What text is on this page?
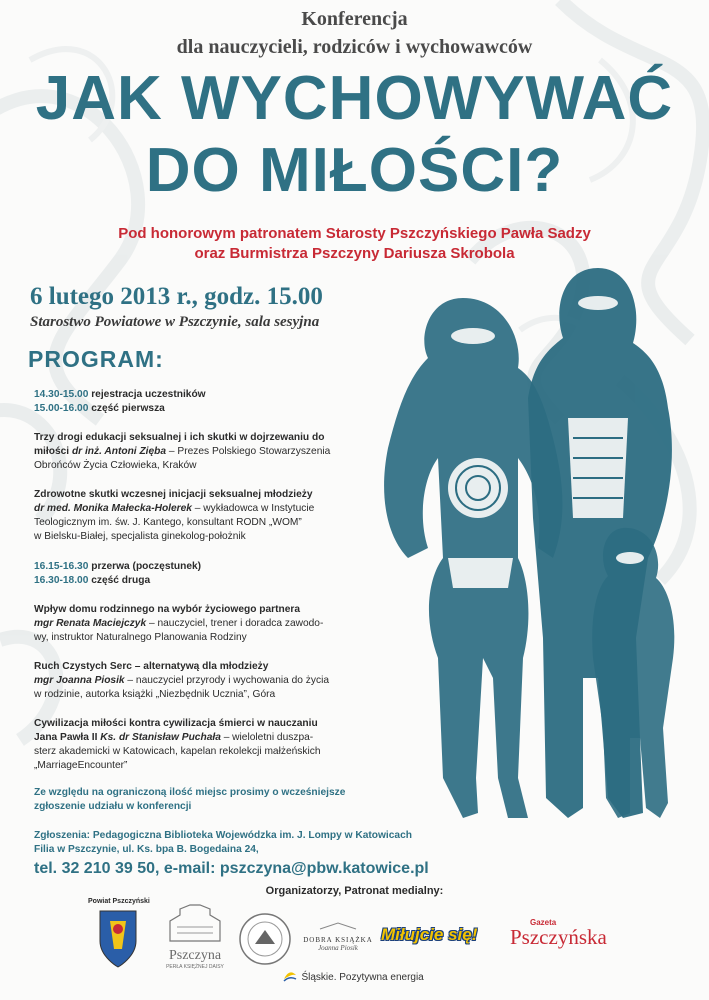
Konferencja
dla nauczycieli, rodziców i wychowawców
JAK WYCHOWYWAĆ
DO MIŁOŚCI?
Pod honorowym patronatem Starosty Pszczyńskiego Pawła Sadzy
oraz Burmistrza Pszczyny Dariusza Skrobola
6 lutego 2013 r., godz. 15.00
Starostwo Powiatowe w Pszczynie, sala sesyjna
PROGRAM:
14.30-15.00 rejestracja uczestników
15.00-16.00 część pierwsza
Trzy drogi edukacji seksualnej i ich skutki w dojrzewaniu do
miłości dr inż. Antoni Zięba – Prezes Polskiego Stowarzyszenia
Obrońców Życia Człowieka, Kraków
Zdrowotne skutki wczesnej inicjacji seksualnej młodzieży
dr med. Monika Małecka-Holerek – wykładowca w Instytucie
Teologicznym im. św. J. Kantego, konsultant RODN „WOM”
w Bielsku-Białej, specjalista ginekolog-położnik
16.15-16.30 przerwa (poczęstunek)
16.30-18.00 część druga
Wpływ domu rodzinnego na wybór życiowego partnera
mgr Renata Maciejczyk – nauczyciel, trener i doradca zawodo-
wy, instruktor Naturalnego Planowania Rodziny
Ruch Czystych Serc – alternatywą dla młodzieży
mgr Joanna Piosik – nauczyciel przyrody i wychowania do życia
w rodzinie, autorka książki „Niezbędnik Ucznia”, Góra
Cywilizacja miłości kontra cywilizacja śmierci w nauczaniu
Jana Pawła II Ks. dr Stanisław Puchała – wieloletni duszpa-
sterz akademicki w Katowicach, kapelan rekolekcji małżeńskich
„MarriageEncounter”
Ze względu na ograniczoną ilość miejsc prosimy o wcześniejsze
zgłoszenie udziału w konferencji
Zgłoszenia: Pedagogiczna Biblioteka Wojewódzka im. J. Lompy w Katowicach
Filia w Pszczynie, ul. Ks. bpa B. Bogedaina 24,
tel. 32 210 39 50, e-mail: pszczyna@pbw.katowice.pl
Organizatorzy, Patronat medialny:
Powiat Pszczyński
Pszczyna
PERŁA KSIĘŻNEJ DAISY
DOBRA KSIĄŻKA
Joanna Piosik
Miłujcie się!
Gazeta
Pszczyńska
Śląskie. Pozytywna energia
